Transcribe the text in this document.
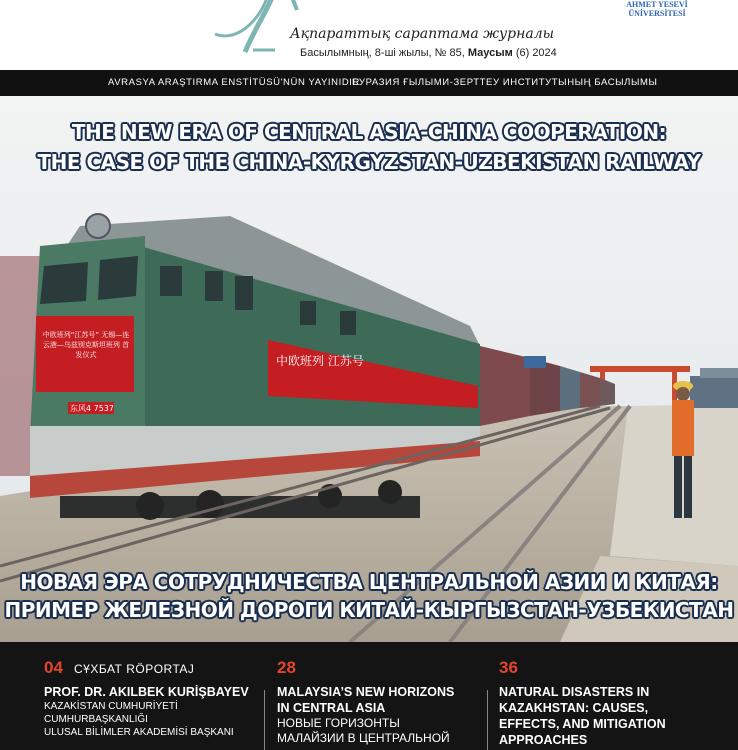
Ақпараттық сараптама журналы
Басылымның, 8-ші жылы, № 85, Маусым (6) 2024
AHMET YESEVİ
ÜNİVERSİTESİ
AVRASYA ARAŞTIRMA ENSTİTÜSÜ'NÜN YAYINIDIR
ЕУРАЗИЯ ҒЫЛЫМИ-ЗЕРТТЕУ ИНСТИТУТЫНЫҢ БАСЫЛЫМЫ
THE NEW ERA OF CENTRAL ASIA-CHINA COOPERATION:
THE CASE OF THE CHINA-KYRGYZSTAN-UZBEKISTAN RAILWAY
НОВАЯ ЭРА СОТРУДНИЧЕСТВА ЦЕНТРАЛЬНОЙ АЗИИ И КИТАЯ:
ПРИМЕР ЖЕЛЕЗНОЙ ДОРОГИ КИТАЙ-КЫРГЫЗСТАН-УЗБЕКИСТАН
04 СҰХБАТ RÖPORTAJ
PROF. DR. AKILBEK KURİŞBAYEV
KAZAKİSTAN CUMHURİYETİ
CUMHURBAŞKANLIĞI
ULUSAL BİLİMLER AKADEMİSİ BAŞKANI
28
MALAYSIA’S NEW HORIZONS
IN CENTRAL ASIA
НОВЫЕ ГОРИЗОНТЫ
МАЛАЙЗИИ В ЦЕНТРАЛЬНОЙ
36
NATURAL DISASTERS IN
KAZAKHSTAN: CAUSES,
EFFECTS, AND MITIGATION
APPROACHES
中欧班列“江苏号” 无锡—连云港—乌兹别克斯坦班列 首发仪式	中欧班列 江苏号
东风4 7537
